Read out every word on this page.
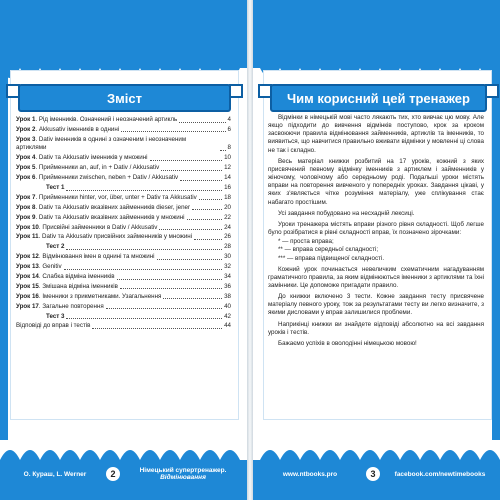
Зміст
Урок 1. Рід іменників. Означений і неозначений артикль	4
Урок 2. Akkusativ іменників в однині	6
Урок 3. Dativ іменників в однині з означеним і неозначеним артиклями	8
Урок 4. Dativ та Akkusativ іменників у множині	10
Урок 5. Прийменники an, auf, in + Dativ / Akkusativ	12
Урок 6. Прийменники zwischen, neben + Dativ / Akkusativ	14
Тест 1	16
Урок 7. Прийменники hinter, vor, über, unter + Dativ та Akkusativ	18
Урок 8. Dativ та Akkusativ вказівних займенників dieser, jener	20
Урок 9. Dativ та Akkusativ вказівних займенників у множині	22
Урок 10. Присвійні займенники в Dativ / Akkusativ	24
Урок 11. Dativ та Akkusativ присвійних займенників у множині	26
Тест 2	28
Урок 12. Відмінювання імен в однині та множині	30
Урок 13. Genitiv	32
Урок 14. Слабка відміна іменників	34
Урок 15. Змішана відміна іменників	36
Урок 16. Іменники з прикметниками. Узагальнення	38
Урок 17. Загальне повторення	40
Тест 3	42
Відповіді до вправ і тестів	44
О. Кураш, L. Werner	2	Німецький супертренажер.
Відмінювання
Чим корисний цей тренажер

Відмінки в німецькій мові часто лякають тих, хто вивчає цю мову. Але якщо підходити до вивчення відмінків поступово, крок за кроком засвоюючи правила відмінювання займенників, артиклів та іменників, то виявиться, що навчитися правильно вживати відмінки у мовленні ці слова не так і складно.

Весь матеріал книжки розбитий на 17 уроків, кожний з яких присвячений певному відмінку іменників з артиклем і займенників у жіночому, чоловічому або середньому роді. Подальші уроки містять вправи на повторення вивченого у попередніх уроках. Завдання цікаві, у яких з'являється чітке розуміння матеріалу, уже сплікування стає набагато простішим.

Усі завдання побудовано на несхадній лексиці.

Уроки тренажера містять вправи різного рівня складності. Щоб легше було розібратися в рівні складності вправ, їх позначено зірочками:

* — проста вправа;
** — вправа середньої складності;
*** — вправа підвищеної складності.

Кожний урок починається невеличким схематичним нагадуванням граматичного правила, за яким відмінюються іменники з артиклями та їхні замінники. Це допоможе пригадати правило.

До книжки включено 3 тести. Кожне завдання тесту присвячене матеріалу певного уроку, тож за результатами тесту ви легко визначите, з якими дисловами у вправ залишилися проблеми.

Наприкінці книжки ви знайдете відповіді абсолютно на всі завдання уроків і тестів.

Бажаємо успіхів в оволодінні німецькою мовою!

www.ntbooks.pro	3	facebook.com/newtimebooks
